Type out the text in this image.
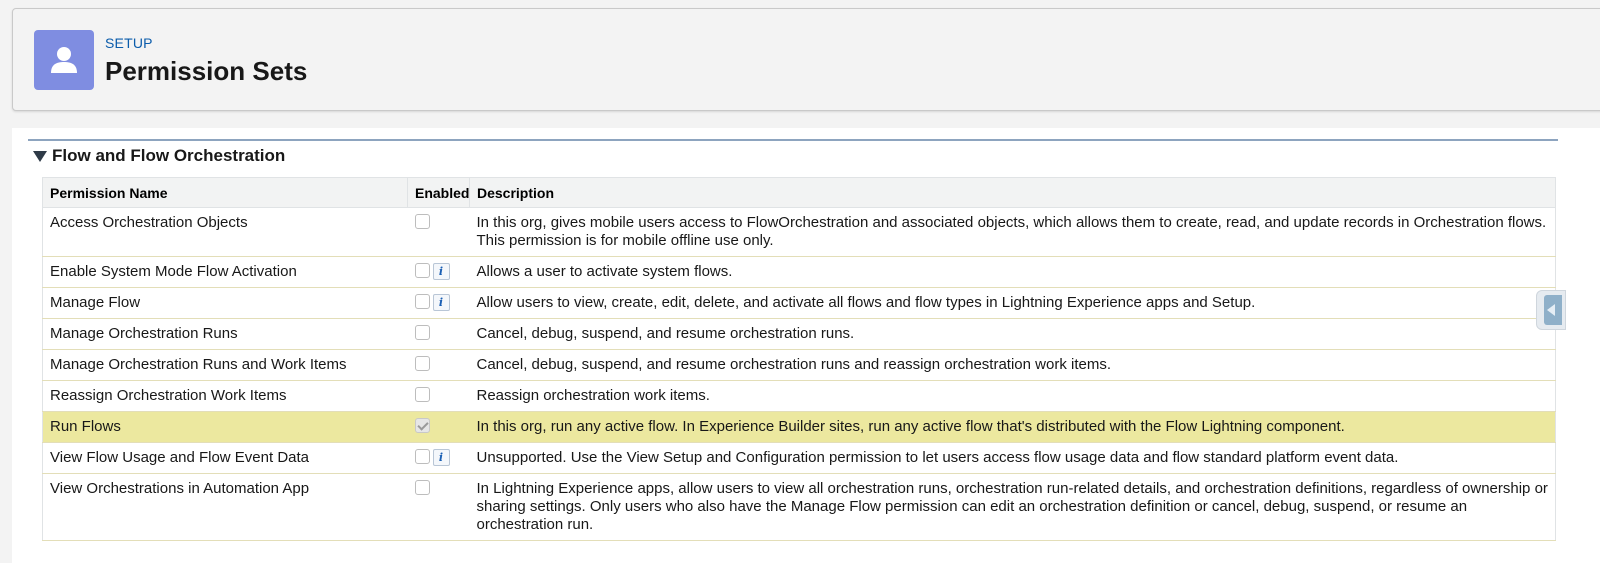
SETUP
Permission Sets
Flow and Flow Orchestration
Permission Name	Enabled	Description
Access Orchestration Objects		In this org, gives mobile users access to FlowOrchestration and associated objects, which allows them to create, read, and update records in Orchestration flows. This permission is for mobile offline use only.
Enable System Mode Flow Activation	i	Allows a user to activate system flows.
Manage Flow	i	Allow users to view, create, edit, delete, and activate all flows and flow types in Lightning Experience apps and Setup.
Manage Orchestration Runs		Cancel, debug, suspend, and resume orchestration runs.
Manage Orchestration Runs and Work Items		Cancel, debug, suspend, and resume orchestration runs and reassign orchestration work items.
Reassign Orchestration Work Items		Reassign orchestration work items.
Run Flows		In this org, run any active flow. In Experience Builder sites, run any active flow that's distributed with the Flow Lightning component.
View Flow Usage and Flow Event Data	i	Unsupported. Use the View Setup and Configuration permission to let users access flow usage data and flow standard platform event data.
View Orchestrations in Automation App		In Lightning Experience apps, allow users to view all orchestration runs, orchestration run-related details, and orchestration definitions, regardless of ownership or sharing settings. Only users who also have the Manage Flow permission can edit an orchestration definition or cancel, debug, suspend, or resume an orchestration run.
